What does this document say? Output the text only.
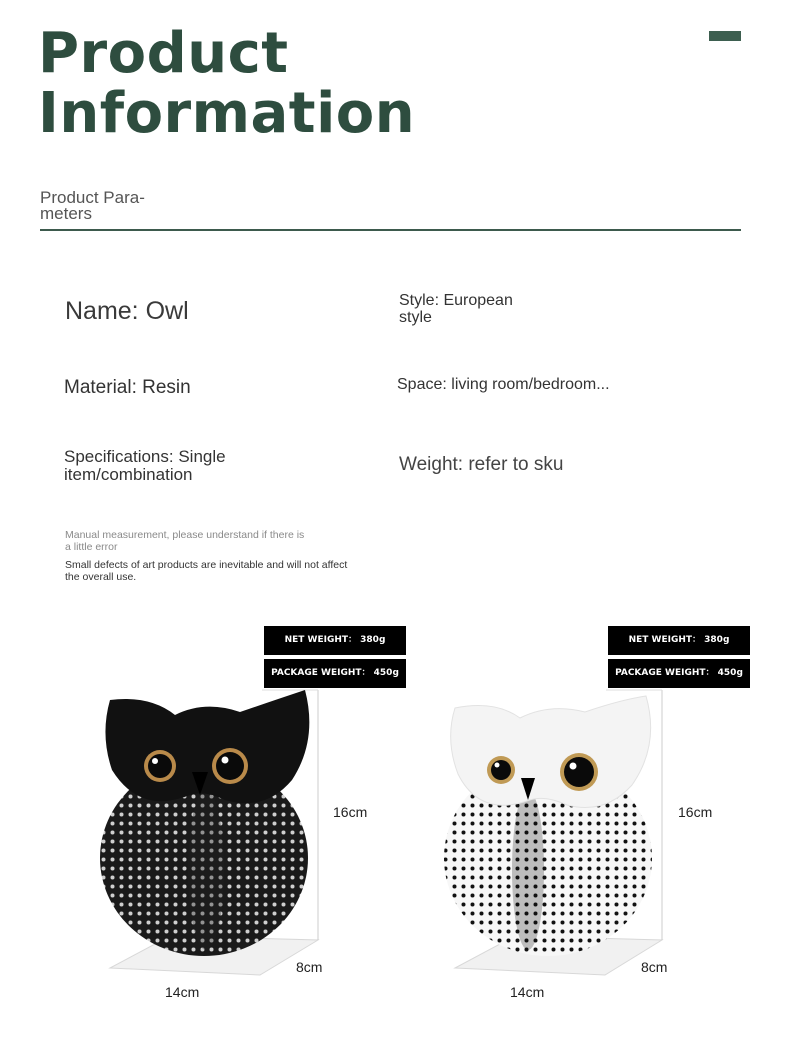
Product
Information
Product Para-
meters
Name: Owl	Style: European
style
Material: Resin	Space: living room/bedroom...
Specifications: Single
item/combination	Weight: refer to sku
Manual measurement, please understand if there is
a little error
Small defects of art products are inevitable and will not affect
the overall use.
NET WEIGHT： 380g
PACKAGE WEIGHT： 450g
NET WEIGHT： 380g
PACKAGE WEIGHT： 450g
16cm
8cm
14cm
16cm
8cm
14cm
